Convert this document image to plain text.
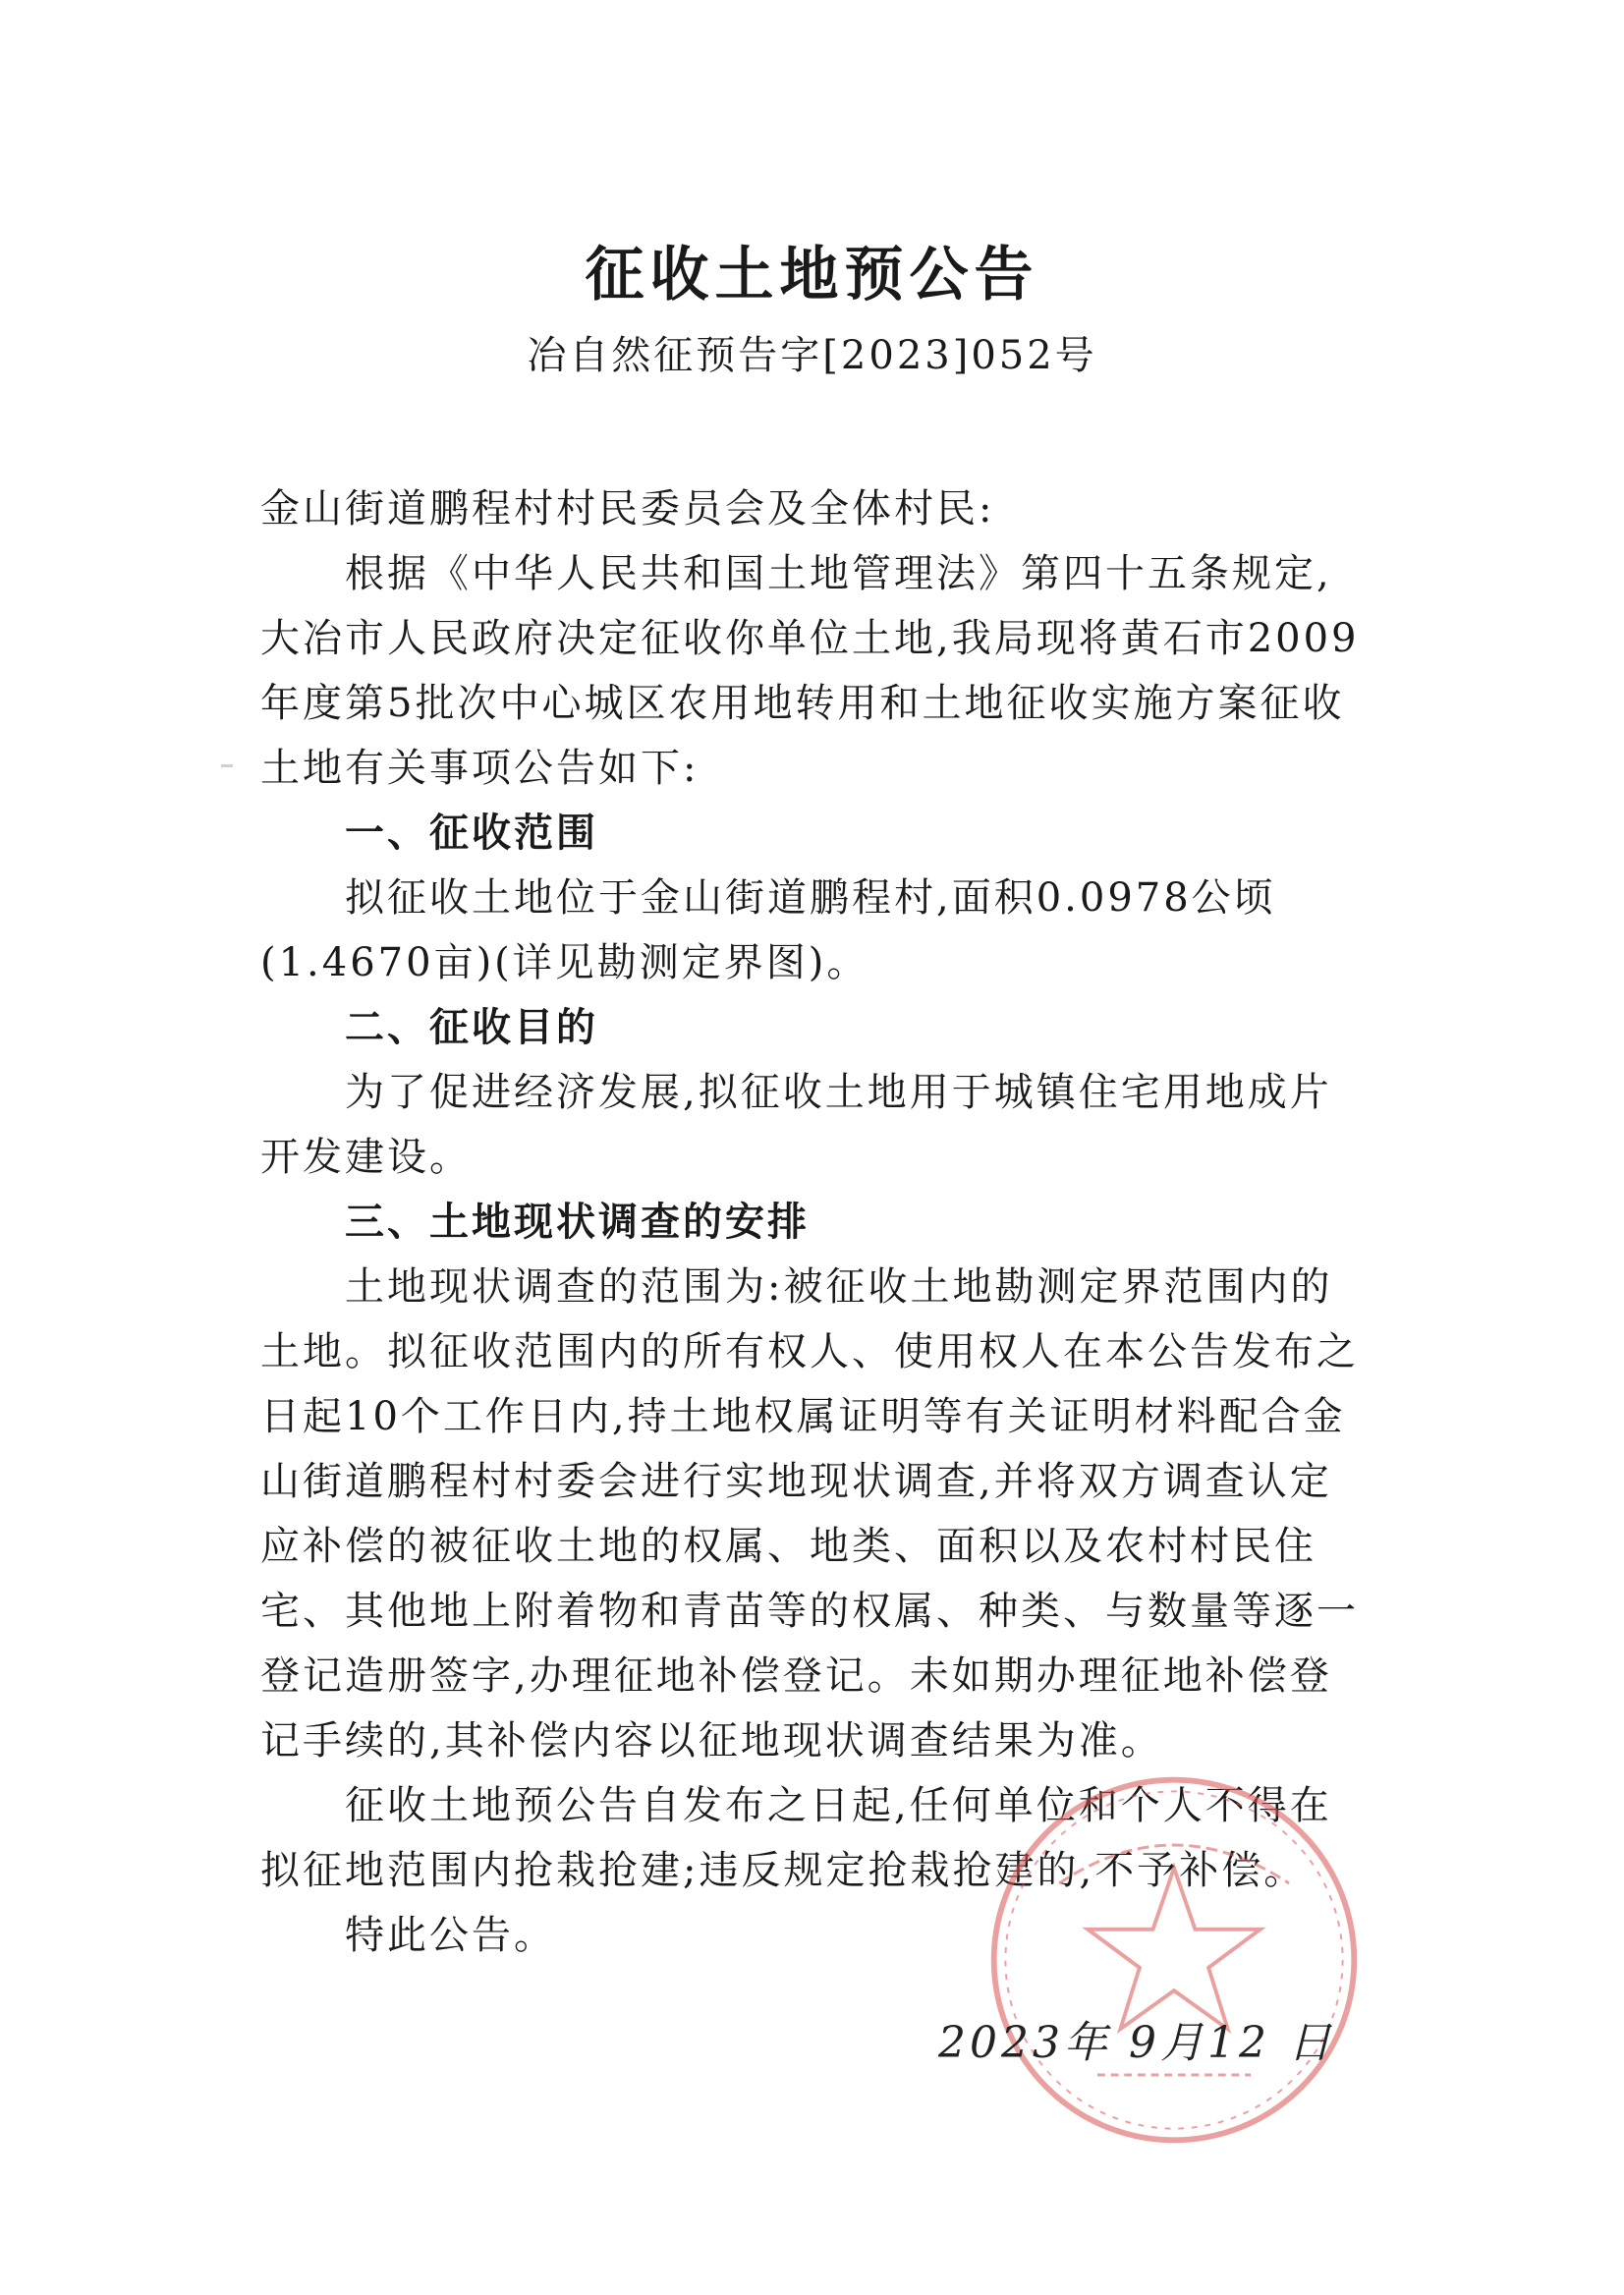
征收土地预公告
冶自然征预告字[2023]052号

金山街道鹏程村村民委员会及全体村民:

根据《中华人民共和国土地管理法》第四十五条规定,大冶市人民政府决定征收你单位土地,我局现将黄石市2009年度第5批次中心城区农用地转用和土地征收实施方案征收土地有关事项公告如下:

一、征收范围

拟征收土地位于金山街道鹏程村,面积0.0978公顷(1.4670亩)(详见勘测定界图)。

二、征收目的

为了促进经济发展,拟征收土地用于城镇住宅用地成片开发建设。

三、土地现状调查的安排

土地现状调查的范围为:被征收土地勘测定界范围内的土地。拟征收范围内的所有权人、使用权人在本公告发布之日起10个工作日内,持土地权属证明等有关证明材料配合金山街道鹏程村村委会进行实地现状调查,并将双方调查认定应补偿的被征收土地的权属、地类、面积以及农村村民住宅、其他地上附着物和青苗等的权属、种类、与数量等逐一登记造册签字,办理征地补偿登记。未如期办理征地补偿登记手续的,其补偿内容以征地现状调查结果为准。

征收土地预公告自发布之日起,任何单位和个人不得在拟征地范围内抢栽抢建;违反规定抢栽抢建的,不予补偿。

特此公告。

2023年 9月12 日
